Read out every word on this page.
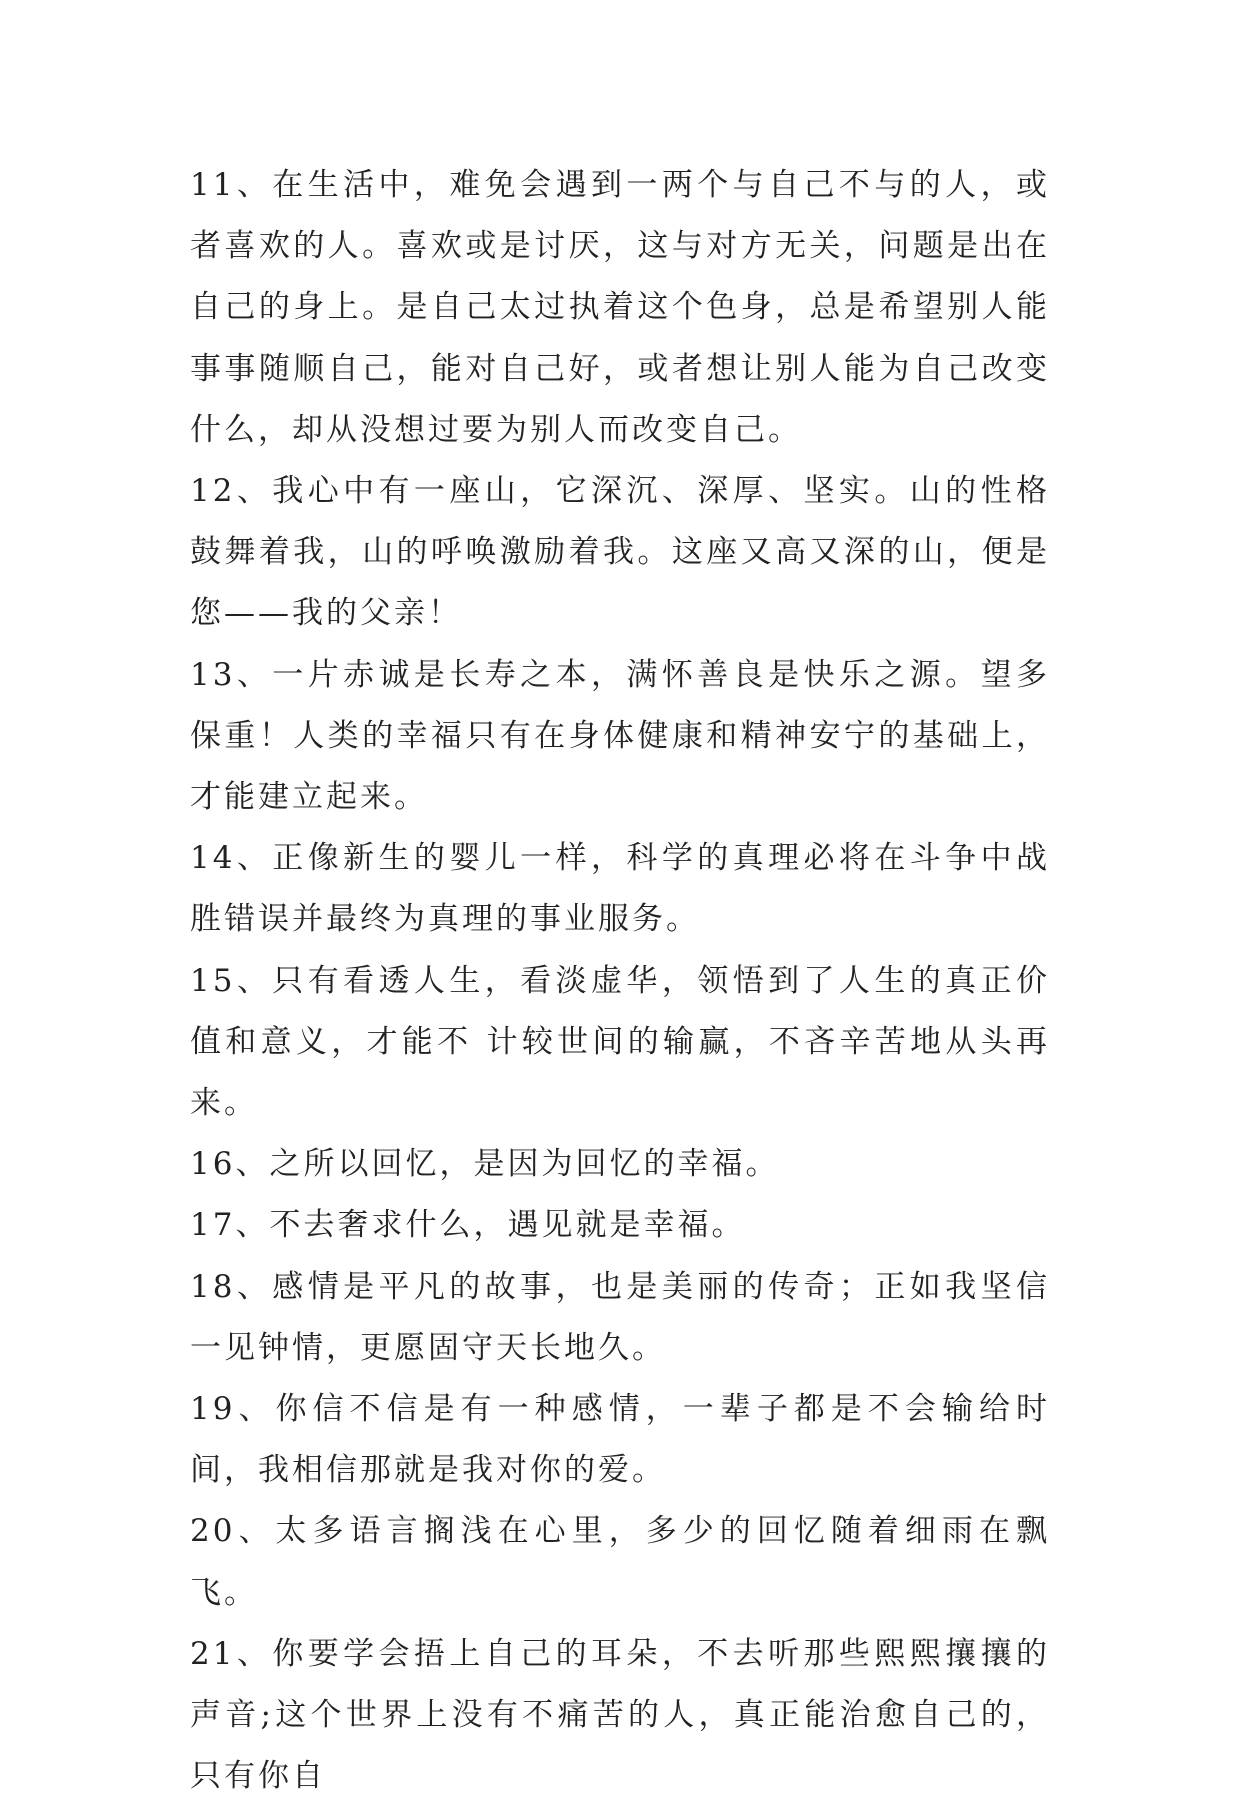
11、在生活中，难免会遇到一两个与自己不与的人，或者喜欢的人。喜欢或是讨厌，这与对方无关，问题是出在自己的身上。是自己太过执着这个色身，总是希望别人能事事随顺自己，能对自己好，或者想让别人能为自己改变什么，却从没想过要为别人而改变自己。

12、我心中有一座山，它深沉、深厚、坚实。山的性格鼓舞着我，山的呼唤激励着我。这座又高又深的山，便是您——我的父亲！

13、一片赤诚是长寿之本，满怀善良是快乐之源。望多保重！人类的幸福只有在身体健康和精神安宁的基础上，才能建立起来。

14、正像新生的婴儿一样，科学的真理必将在斗争中战胜错误并最终为真理的事业服务。

15、只有看透人生，看淡虚华，领悟到了人生的真正价值和意义，才能不 计较世间的输赢，不吝辛苦地从头再来。

16、之所以回忆，是因为回忆的幸福。

17、不去奢求什么，遇见就是幸福。

18、感情是平凡的故事，也是美丽的传奇；正如我坚信一见钟情，更愿固守天长地久。

19、你信不信是有一种感情，一辈子都是不会输给时间，我相信那就是我对你的爱。

20、太多语言搁浅在心里，多少的回忆随着细雨在飘飞。

21、你要学会捂上自己的耳朵，不去听那些熙熙攘攘的声音;这个世界上没有不痛苦的人，真正能治愈自己的，只有你自
